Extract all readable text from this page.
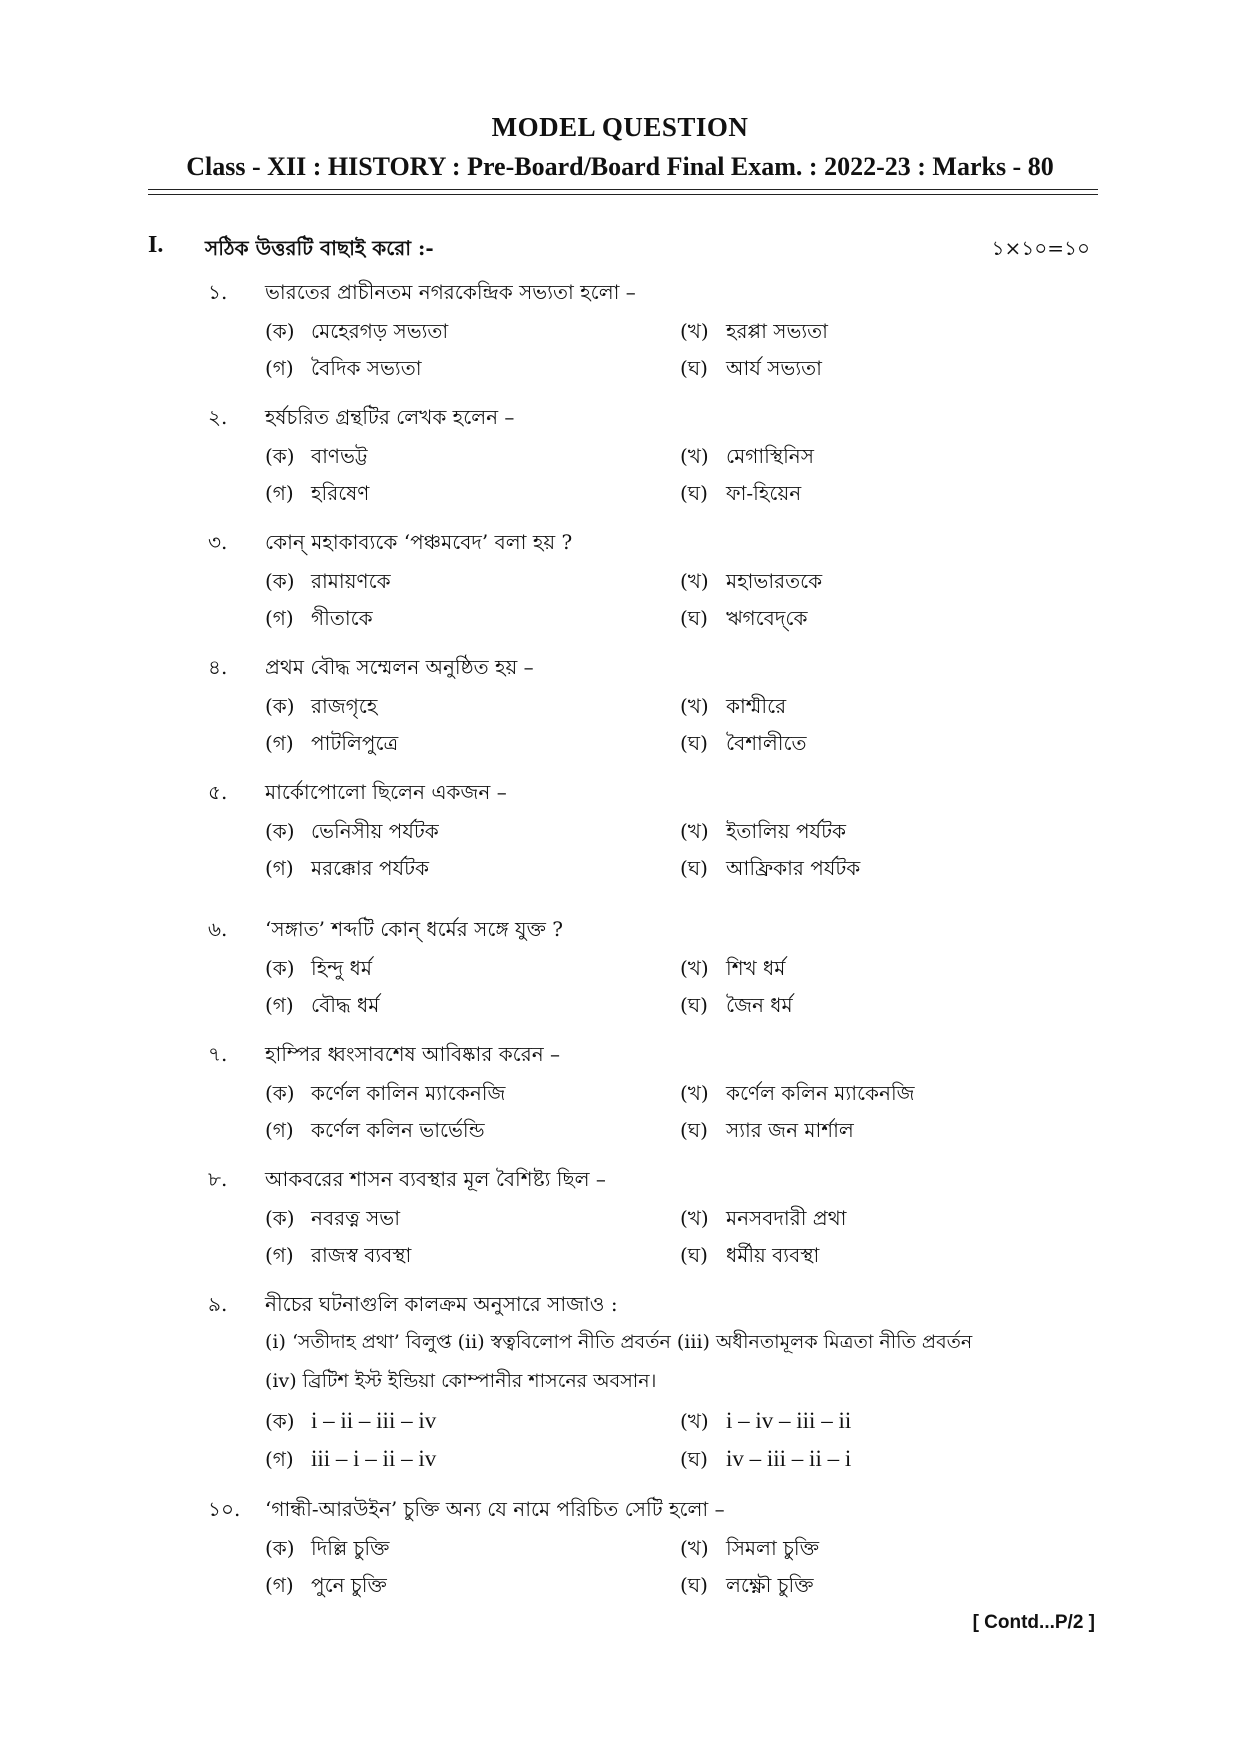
MODEL QUESTION
Class - XII : HISTORY : Pre-Board/Board Final Exam. : 2022-23 : Marks - 80
I. সঠিক উত্তরটি বাছাই করো :-	১×১০=১০
১. ভারতের প্রাচীনতম নগরকেন্দ্রিক সভ্যতা হলো –
(ক) মেহেরগড় সভ্যতা	(খ) হরপ্পা সভ্যতা
(গ) বৈদিক সভ্যতা	(ঘ) আর্য সভ্যতা
২. হর্ষচরিত গ্রন্থটির লেখক হলেন –
(ক) বাণভট্ট	(খ) মেগাস্থিনিস
(গ) হরিষেণ	(ঘ) ফা-হিয়েন
৩. কোন্ মহাকাব্যকে ‘পঞ্চমবেদ’ বলা হয় ?
(ক) রামায়ণকে	(খ) মহাভারতকে
(গ) গীতাকে	(ঘ) ঋগবেদ্‌কে
৪. প্রথম বৌদ্ধ সম্মেলন অনুষ্ঠিত হয় –
(ক) রাজগৃহে	(খ) কাশ্মীরে
(গ) পাটলিপুত্রে	(ঘ) বৈশালীতে
৫. মার্কোপোলো ছিলেন একজন –
(ক) ভেনিসীয় পর্যটক	(খ) ইতালিয় পর্যটক
(গ) মরক্কোর পর্যটক	(ঘ) আফ্রিকার পর্যটক
৬. ‘সঙ্গাত’ শব্দটি কোন্ ধর্মের সঙ্গে যুক্ত ?
(ক) হিন্দু ধর্ম	(খ) শিখ ধর্ম
(গ) বৌদ্ধ ধর্ম	(ঘ) জৈন ধর্ম
৭. হাম্পির ধ্বংসাবশেষ আবিষ্কার করেন –
(ক) কর্ণেল কালিন ম্যাকেনজি	(খ) কর্ণেল কলিন ম্যাকেনজি
(গ) কর্ণেল কলিন ভার্ভেন্ডি	(ঘ) স্যার জন মার্শাল
৮. আকবরের শাসন ব্যবস্থার মূল বৈশিষ্ট্য ছিল –
(ক) নবরত্ন সভা	(খ) মনসবদারী প্রথা
(গ) রাজস্ব ব্যবস্থা	(ঘ) ধর্মীয় ব্যবস্থা
৯. নীচের ঘটনাগুলি কালক্রম অনুসারে সাজাও :
(i) ‘সতীদাহ প্রথা’ বিলুপ্ত (ii) স্বত্ববিলোপ নীতি প্রবর্তন (iii) অধীনতামূলক মিত্রতা নীতি প্রবর্তন
(iv) ব্রিটিশ ইস্ট ইন্ডিয়া কোম্পানীর শাসনের অবসান।
(ক) i – ii – iii – iv	(খ) i – iv – iii – ii
(গ) iii – i – ii – iv	(ঘ) iv – iii – ii – i
১০. ‘গান্ধী-আরউইন’ চুক্তি অন্য যে নামে পরিচিত সেটি হলো –
(ক) দিল্লি চুক্তি	(খ) সিমলা চুক্তি
(গ) পুনে চুক্তি	(ঘ) লক্ষ্ণৌ চুক্তি
[ Contd...P/2 ]
